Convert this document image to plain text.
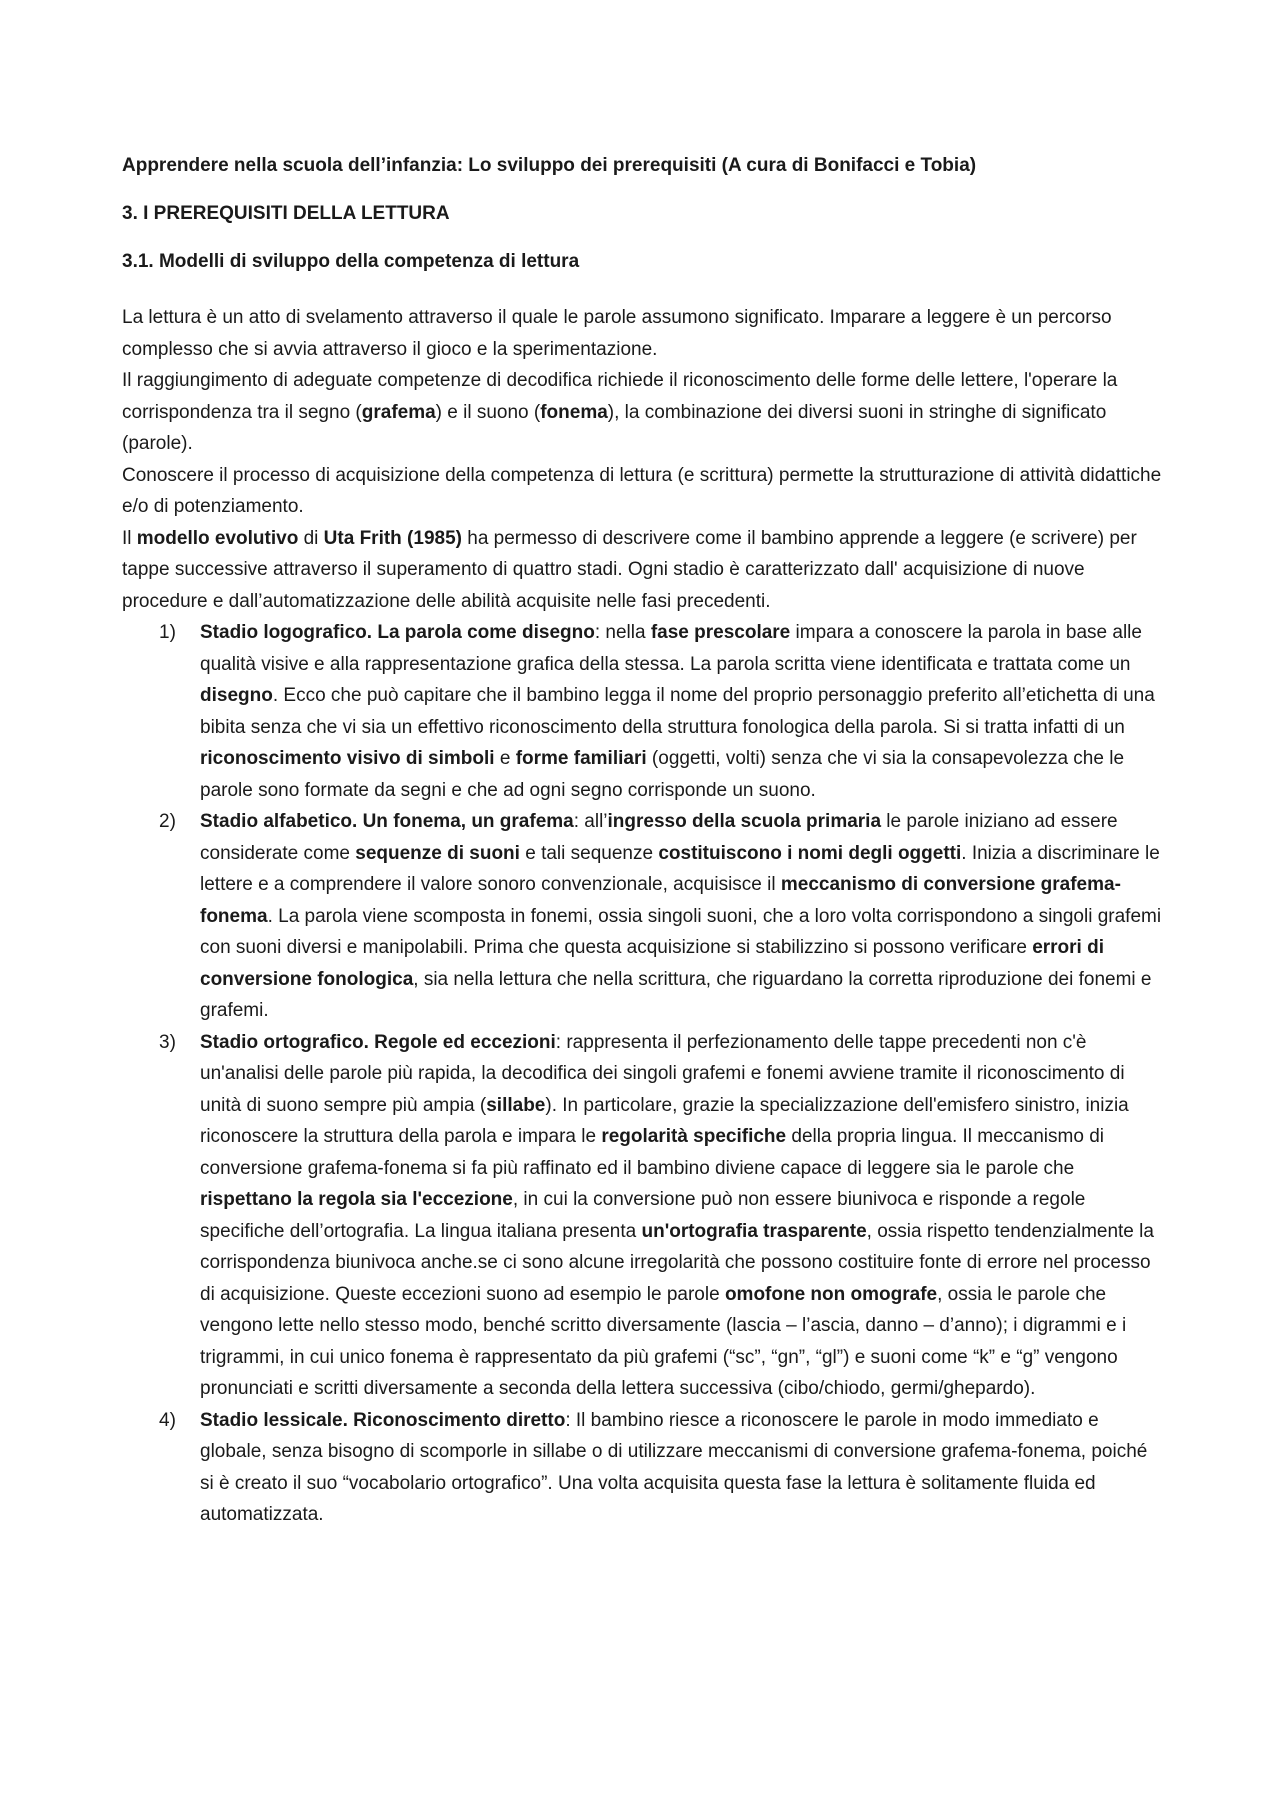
Apprendere nella scuola dell’infanzia: Lo sviluppo dei prerequisiti (A cura di Bonifacci e Tobia)
3. I PREREQUISITI DELLA LETTURA
3.1. Modelli di sviluppo della competenza di lettura

La lettura è un atto di svelamento attraverso il quale le parole assumono significato. Imparare a leggere è un percorso complesso che si avvia attraverso il gioco e la sperimentazione.

Il raggiungimento di adeguate competenze di decodifica richiede il riconoscimento delle forme delle lettere, l'operare la corrispondenza tra il segno (grafema) e il suono (fonema), la combinazione dei diversi suoni in stringhe di significato (parole).

Conoscere il processo di acquisizione della competenza di lettura (e scrittura) permette la strutturazione di attività didattiche e/o di potenziamento.

Il modello evolutivo di Uta Frith (1985) ha permesso di descrivere come il bambino apprende a leggere (e scrivere) per tappe successive attraverso il superamento di quattro stadi. Ogni stadio è caratterizzato dall' acquisizione di nuove procedure e dall’automatizzazione delle abilità acquisite nelle fasi precedenti.

1) Stadio logografico. La parola come disegno: nella fase prescolare impara a conoscere la parola in base alle qualità visive e alla rappresentazione grafica della stessa. La parola scritta viene identificata e trattata come un disegno. Ecco che può capitare che il bambino legga il nome del proprio personaggio preferito all’etichetta di una bibita senza che vi sia un effettivo riconoscimento della struttura fonologica della parola. Si si tratta infatti di un riconoscimento visivo di simboli e forme familiari (oggetti, volti) senza che vi sia la consapevolezza che le parole sono formate da segni e che ad ogni segno corrisponde un suono.
2) Stadio alfabetico. Un fonema, un grafema: all’ingresso della scuola primaria le parole iniziano ad essere considerate come sequenze di suoni e tali sequenze costituiscono i nomi degli oggetti. Inizia a discriminare le lettere e a comprendere il valore sonoro convenzionale, acquisisce il meccanismo di conversione grafema-fonema. La parola viene scomposta in fonemi, ossia singoli suoni, che a loro volta corrispondono a singoli grafemi con suoni diversi e manipolabili. Prima che questa acquisizione si stabilizzino si possono verificare errori di conversione fonologica, sia nella lettura che nella scrittura, che riguardano la corretta riproduzione dei fonemi e grafemi.
3) Stadio ortografico. Regole ed eccezioni: rappresenta il perfezionamento delle tappe precedenti non c'è un'analisi delle parole più rapida, la decodifica dei singoli grafemi e fonemi avviene tramite il riconoscimento di unità di suono sempre più ampia (sillabe). In particolare, grazie la specializzazione dell'emisfero sinistro, inizia riconoscere la struttura della parola e impara le regolarità specifiche della propria lingua. Il meccanismo di conversione grafema-fonema si fa più raffinato ed il bambino diviene capace di leggere sia le parole che rispettano la regola sia l'eccezione, in cui la conversione può non essere biunivoca e risponde a regole specifiche dell’ortografia. La lingua italiana presenta un'ortografia trasparente, ossia rispetto tendenzialmente la corrispondenza biunivoca anche.se ci sono alcune irregolarità che possono costituire fonte di errore nel processo di acquisizione. Queste eccezioni suono ad esempio le parole omofone non omografe, ossia le parole che vengono lette nello stesso modo, benché scritto diversamente (lascia – l’ascia, danno – d’anno); i digrammi e i trigrammi, in cui unico fonema è rappresentato da più grafemi (“sc”, “gn”, “gl”) e suoni come “k” e “g” vengono pronunciati e scritti diversamente a seconda della lettera successiva (cibo/chiodo, germi/ghepardo).
4) Stadio lessicale. Riconoscimento diretto: Il bambino riesce a riconoscere le parole in modo immediato e globale, senza bisogno di scomporle in sillabe o di utilizzare meccanismi di conversione grafema-fonema, poiché si è creato il suo “vocabolario ortografico”. Una volta acquisita questa fase la lettura è solitamente fluida ed automatizzata.
